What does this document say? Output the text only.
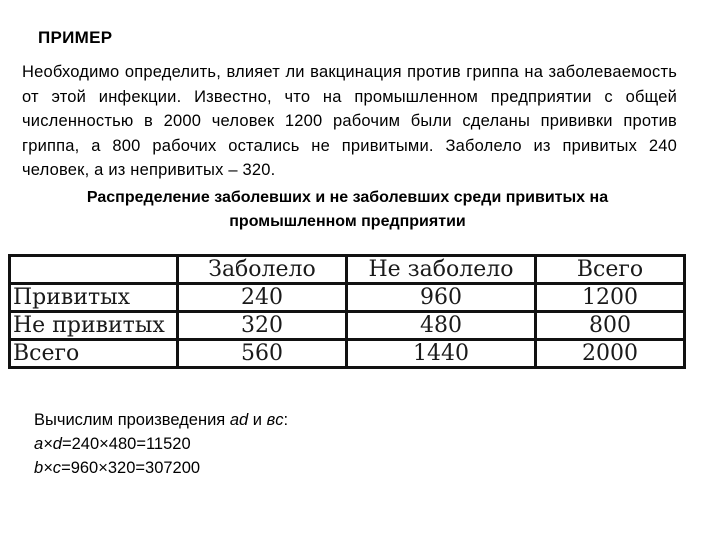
ПРИМЕР
Необходимо определить, влияет ли вакцинация против гриппа на заболеваемость от этой инфекции. Известно, что на промышленном предприятии с общей численностью в 2000 человек 1200 рабочим были сделаны прививки против гриппа, а 800 рабочих остались не привитыми. Заболело из привитых 240 человек, а из непривитых – 320.
Распределение заболевших и не заболевших среди привитых на промышленном предприятии
	Заболело	Не заболело	Всего
Привитых	240	960	1200
Не привитых	320	480	800
Всего	560	1440	2000
Вычислим произведения ad и вc:
a×d=240×480=11520
b×c=960×320=307200
